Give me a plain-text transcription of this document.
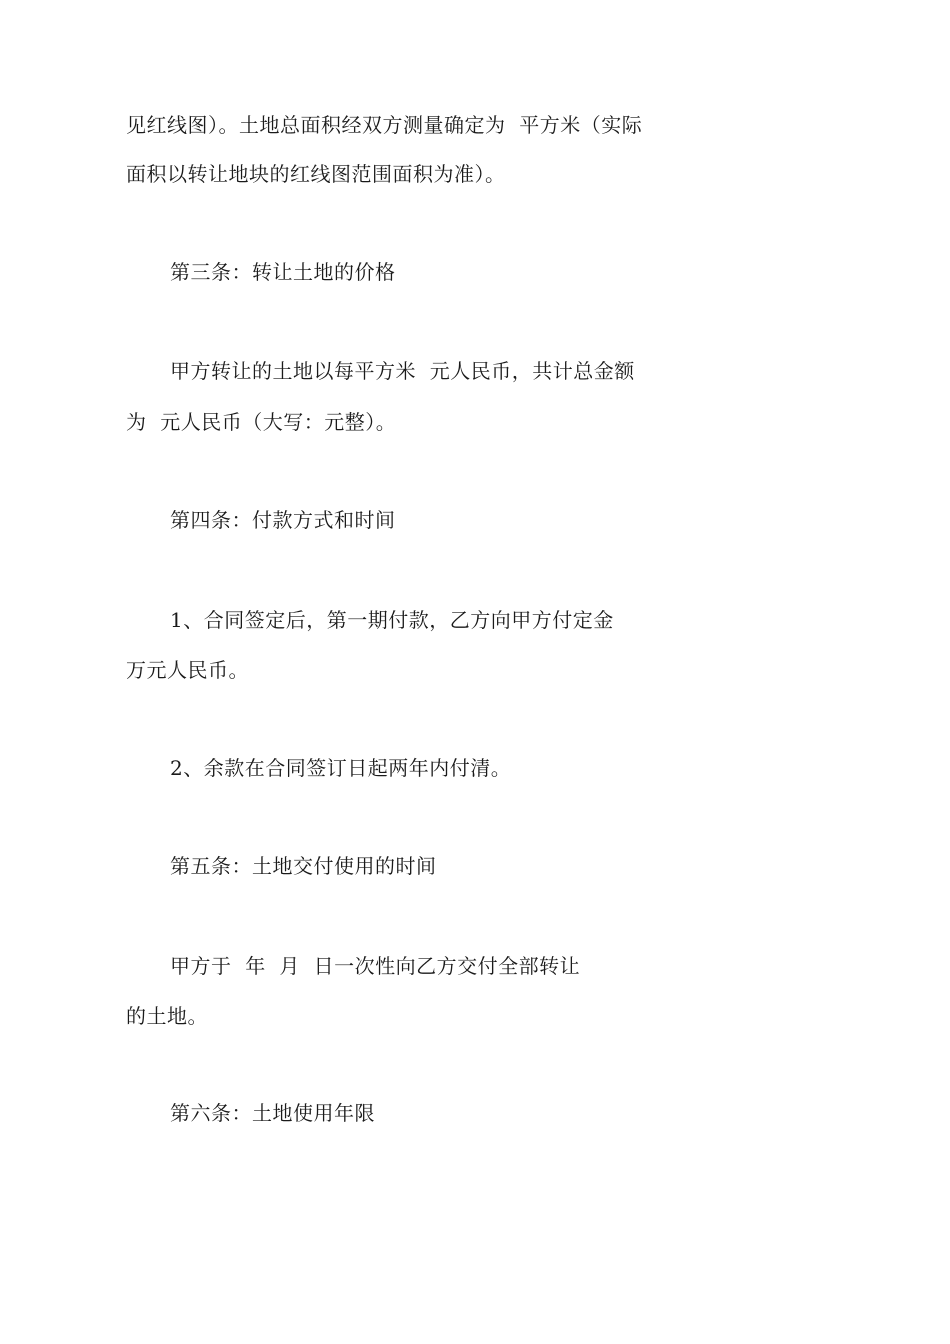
见红线图）。土地总面积经双方测量确定为  平方米（实际
面积以转让地块的红线图范围面积为准）。
第三条：转让土地的价格
甲方转让的土地以每平方米  元人民币，共计总金额
为  元人民币（大写：元整）。
第四条：付款方式和时间
1、合同签定后，第一期付款，乙方向甲方付定金
万元人民币。
2、余款在合同签订日起两年内付清。
第五条：土地交付使用的时间
甲方于  年  月  日一次性向乙方交付全部转让
的土地。
第六条：土地使用年限
